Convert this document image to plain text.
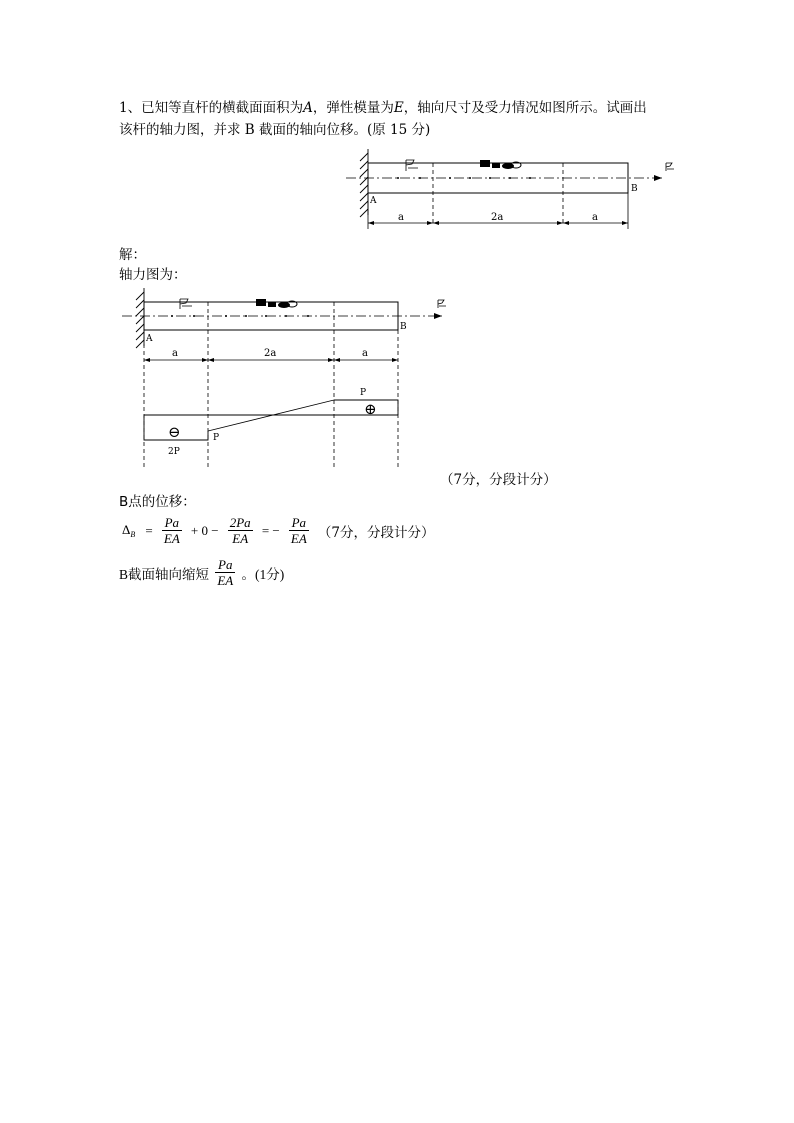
1、已知等直杆的横截面面积为A，弹性模量为E，轴向尺寸及受力情况如图所示。试画出
该杆的轴力图，并求 B 截面的轴向位移。(原 15 分)
A
B
a	2a	a
解：
轴力图为：
A
B
a	2a	a
P
P
2P
⊕
⊖
（7分，分段计分）
B点的位移：
$\Delta_B = \frac{Pa}{EA} + 0 - \frac{2Pa}{EA}$ = − $\frac{Pa}{EA} (7$分，分段计分）
B截面轴向缩短 $\frac{Pa}{EA}$ 。(1分)
